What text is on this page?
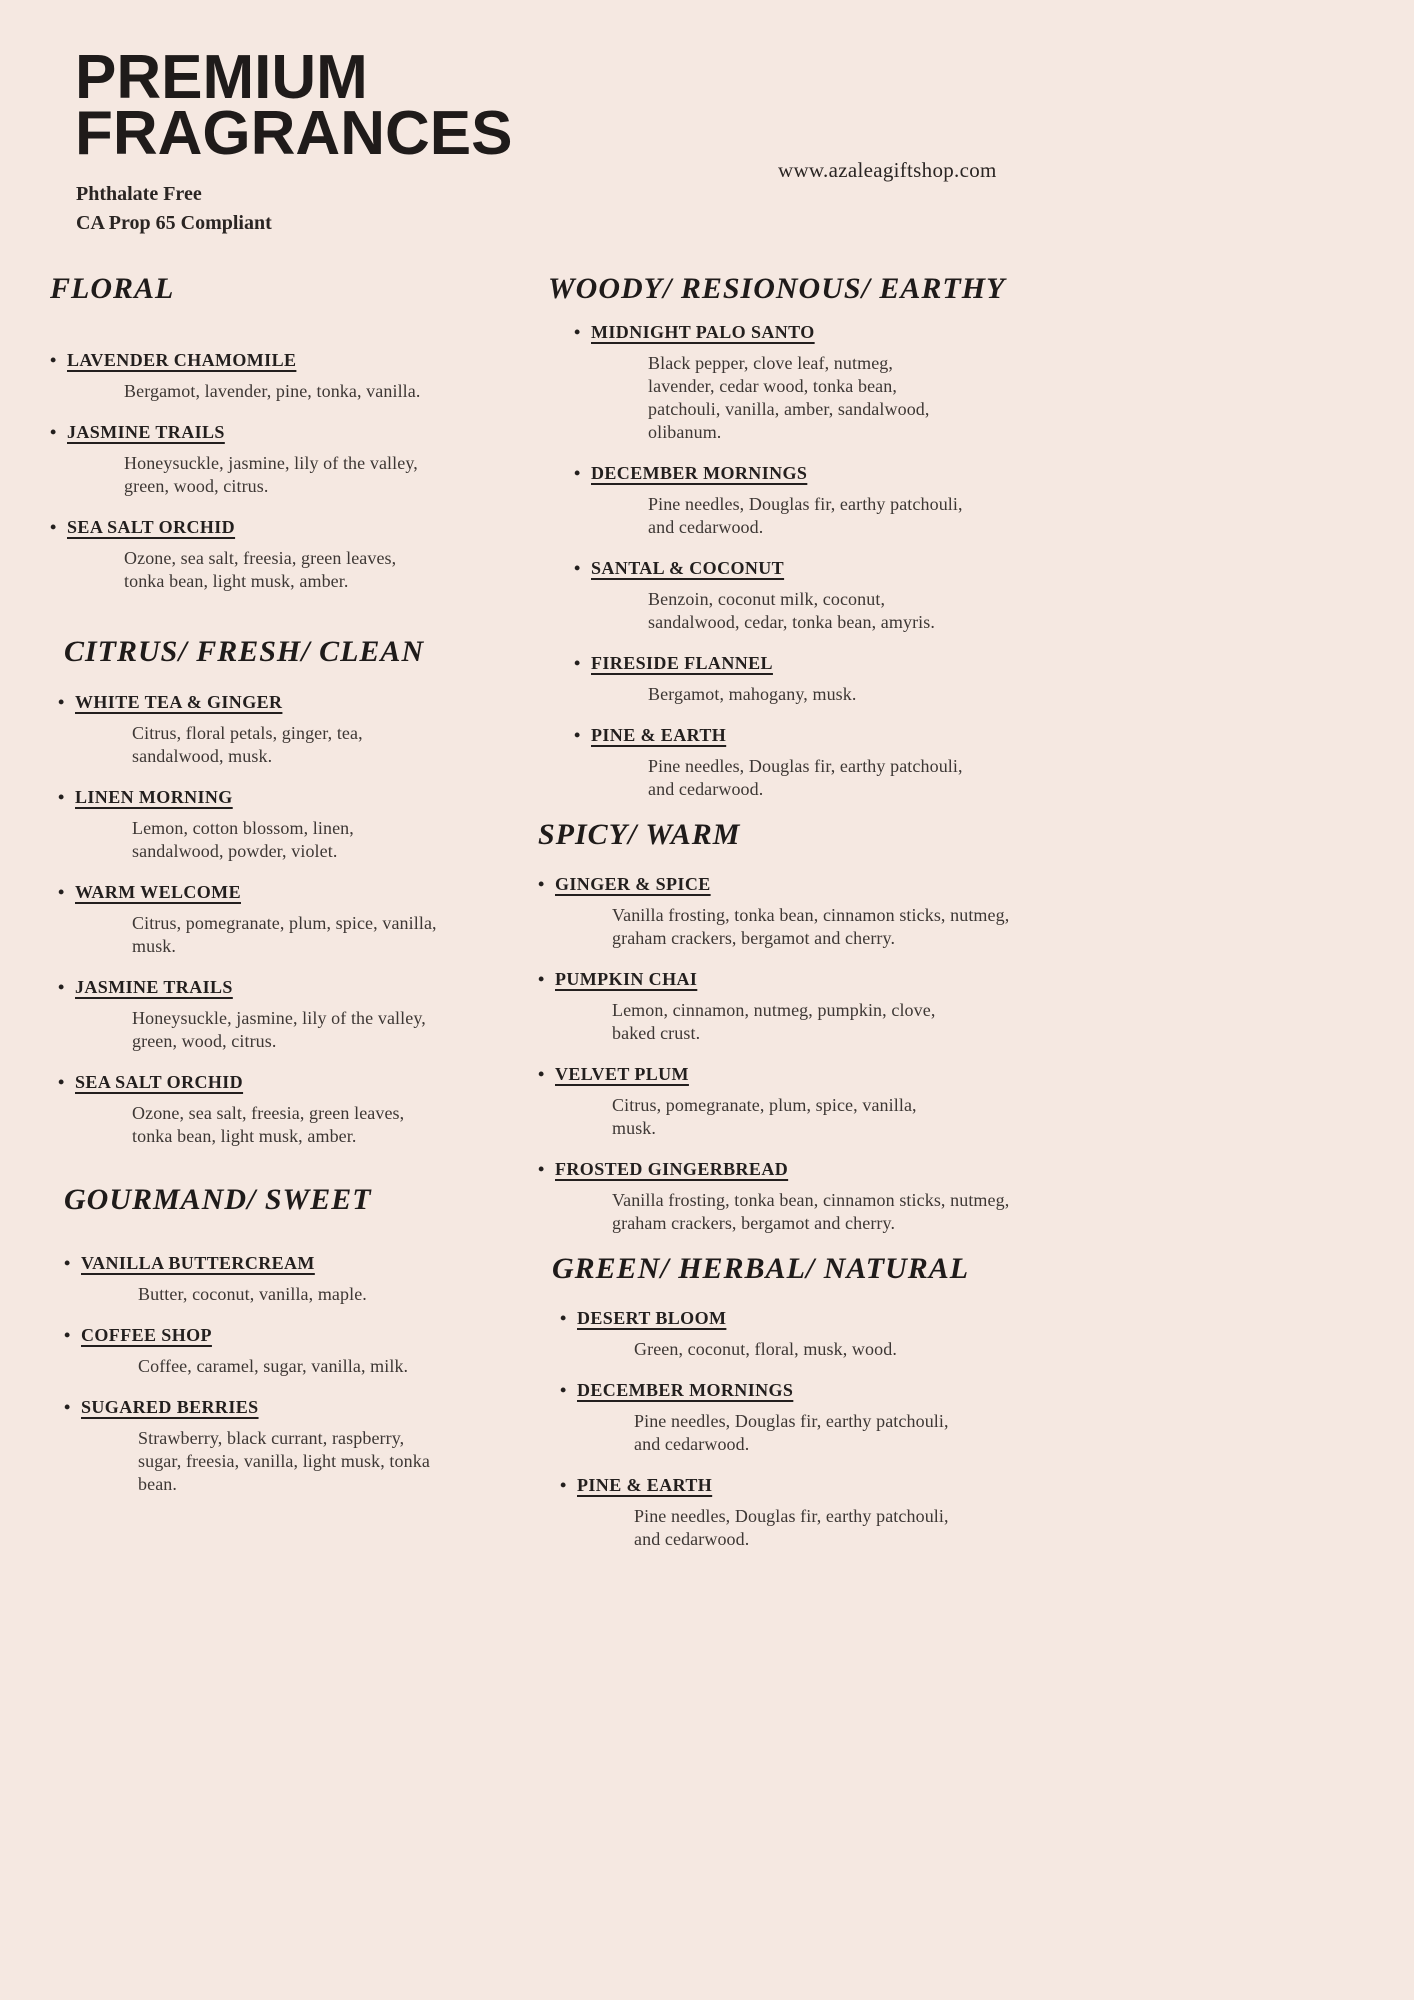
PREMIUM
FRAGRANCES
Phthalate Free
CA Prop 65 Compliant
www.azaleagiftshop.com
FLORAL
• LAVENDER CHAMOMILE
Bergamot, lavender, pine, tonka, vanilla.
• JASMINE TRAILS
Honeysuckle, jasmine, lily of the valley,
green, wood, citrus.
• SEA SALT ORCHID
Ozone, sea salt, freesia, green leaves,
tonka bean, light musk, amber.
CITRUS/ FRESH/ CLEAN
• WHITE TEA & GINGER
Citrus, floral petals, ginger, tea,
sandalwood, musk.
• LINEN MORNING
Lemon, cotton blossom, linen,
sandalwood, powder, violet.
• WARM WELCOME
Citrus, pomegranate, plum, spice, vanilla,
musk.
• JASMINE TRAILS
Honeysuckle, jasmine, lily of the valley,
green, wood, citrus.
• SEA SALT ORCHID
Ozone, sea salt, freesia, green leaves,
tonka bean, light musk, amber.
GOURMAND/ SWEET
• VANILLA BUTTERCREAM
Butter, coconut, vanilla, maple.
• COFFEE SHOP
Coffee, caramel, sugar, vanilla, milk.
• SUGARED BERRIES
Strawberry, black currant, raspberry,
sugar, freesia, vanilla, light musk, tonka
bean.
WOODY/ RESIONOUS/ EARTHY
• MIDNIGHT PALO SANTO
Black pepper, clove leaf, nutmeg,
lavender, cedar wood, tonka bean,
patchouli, vanilla, amber, sandalwood,
olibanum.
• DECEMBER MORNINGS
Pine needles, Douglas fir, earthy patchouli,
and cedarwood.
• SANTAL & COCONUT
Benzoin, coconut milk, coconut,
sandalwood, cedar, tonka bean, amyris.
• FIRESIDE FLANNEL
Bergamot, mahogany, musk.
• PINE & EARTH
Pine needles, Douglas fir, earthy patchouli,
and cedarwood.
SPICY/ WARM
• GINGER & SPICE
Vanilla frosting, tonka bean, cinnamon sticks, nutmeg,
graham crackers, bergamot and cherry.
• PUMPKIN CHAI
Lemon, cinnamon, nutmeg, pumpkin, clove,
baked crust.
• VELVET PLUM
Citrus, pomegranate, plum, spice, vanilla,
musk.
• FROSTED GINGERBREAD
Vanilla frosting, tonka bean, cinnamon sticks, nutmeg,
graham crackers, bergamot and cherry.
GREEN/ HERBAL/ NATURAL
• DESERT BLOOM
Green, coconut, floral, musk, wood.
• DECEMBER MORNINGS
Pine needles, Douglas fir, earthy patchouli,
and cedarwood.
• PINE & EARTH
Pine needles, Douglas fir, earthy patchouli,
and cedarwood.
